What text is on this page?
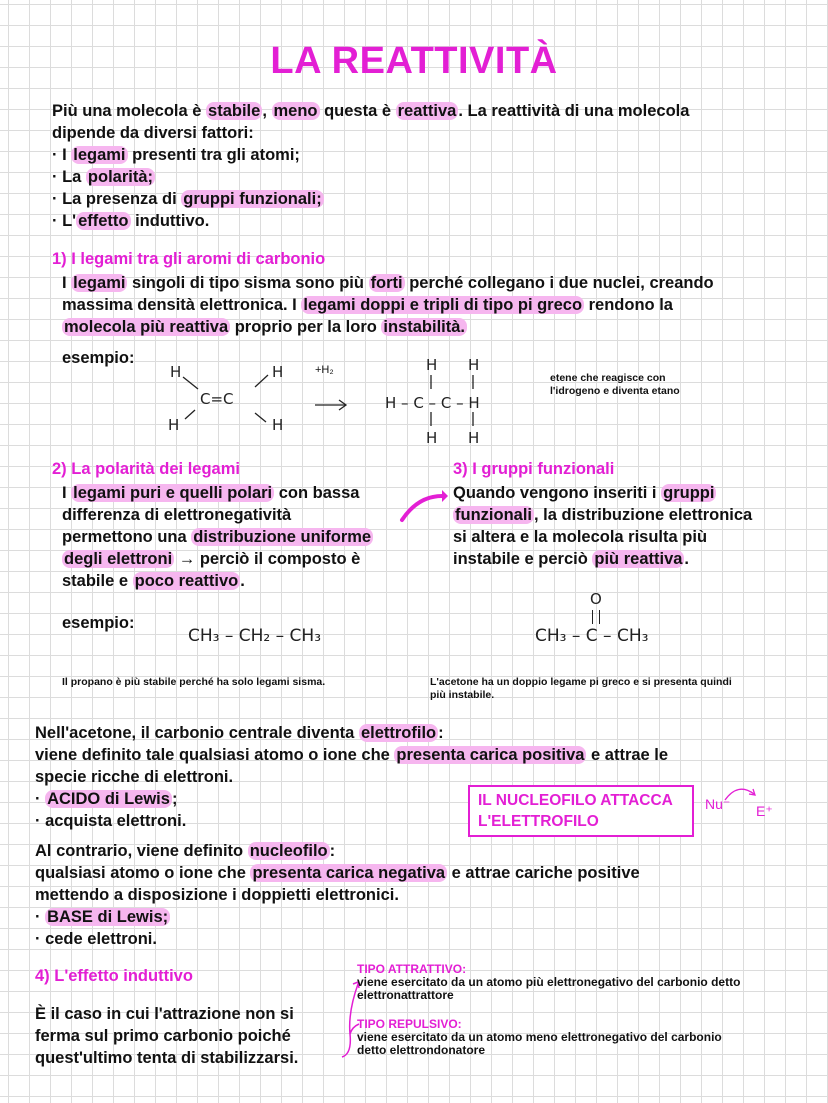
LA REATTIVITÀ
Più una molecola è stabile , meno questa è reattiva . La reattività di una molecola
dipende da diversi fattori:
· I legami presenti tra gli atomi;
· La polarità;
· La presenza di gruppi funzionali;
· L' effetto induttivo.
1) I legami tra gli aromi di carbonio
I legami singoli di tipo sisma sono più forti perché collegano i due nuclei, creando
massima densità elettronica. I legami doppi e tripli di tipo pi greco rendono la
molecola più reattiva proprio per la loro instabilità.
esempio:
H	H
H	H
C=C	H – C – C – H
H H
H H
+H₂
etene che reagisce con
l'idrogeno e diventa etano
2) La polarità dei legami
I legami puri e quelli polari con bassa
differenza di elettronegatività
permettono una distribuzione uniforme
degli elettroni → perciò il composto è
stabile e poco reattivo .
3) I gruppi funzionali
Quando vengono inseriti i gruppi
funzionali , la distribuzione elettronica
si altera e la molecola risulta più
instabile e perciò più reattiva .
esempio:
CH₃ – CH₂ – CH₃	CH₃ – C – CH₃
O
Il propano è più stabile perché ha solo legami sisma.	L'acetone ha un doppio legame pi greco e si presenta quindi
più instabile.
Nell'acetone, il carbonio centrale diventa elettrofilo :
viene definito tale qualsiasi atomo o ione che presenta carica positiva e attrae le
specie ricche di elettroni.
· ACIDO di Lewis ;
· acquista elettroni.
IL NUCLEOFILO ATTACCA
L'ELETTROFILO
Nu⁻ E⁺
Al contrario, viene definito nucleofilo :
qualsiasi atomo o ione che presenta carica negativa e attrae cariche positive
mettendo a disposizione i doppietti elettronici.
· BASE di Lewis;
· cede elettroni.
4) L'effetto induttivo
È il caso in cui l'attrazione non si
ferma sul primo carbonio poiché
quest'ultimo tenta di stabilizzarsi.
TIPO ATTRATTIVO:
viene esercitato da un atomo più elettronegativo del carbonio detto
elettronattrattore
TIPO REPULSIVO:
viene esercitato da un atomo meno elettronegativo del carbonio
detto elettrondonatore
